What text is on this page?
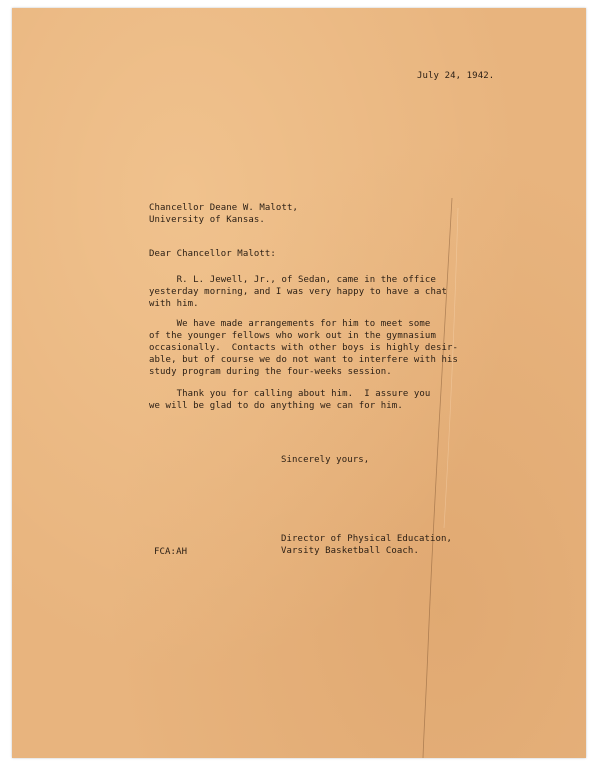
July 24, 1942.
Chancellor Deane W. Malott,
University of Kansas.
Dear Chancellor Malott:
R. L. Jewell, Jr., of Sedan, came in the office
yesterday morning, and I was very happy to have a chat
with him.
We have made arrangements for him to meet some
of the younger fellows who work out in the gymnasium
occasionally.  Contacts with other boys is highly desir-
able, but of course we do not want to interfere with his
study program during the four-weeks session.
Thank you for calling about him.  I assure you
we will be glad to do anything we can for him.
Sincerely yours,
Director of Physical Education,
Varsity Basketball Coach.
FCA:AH
